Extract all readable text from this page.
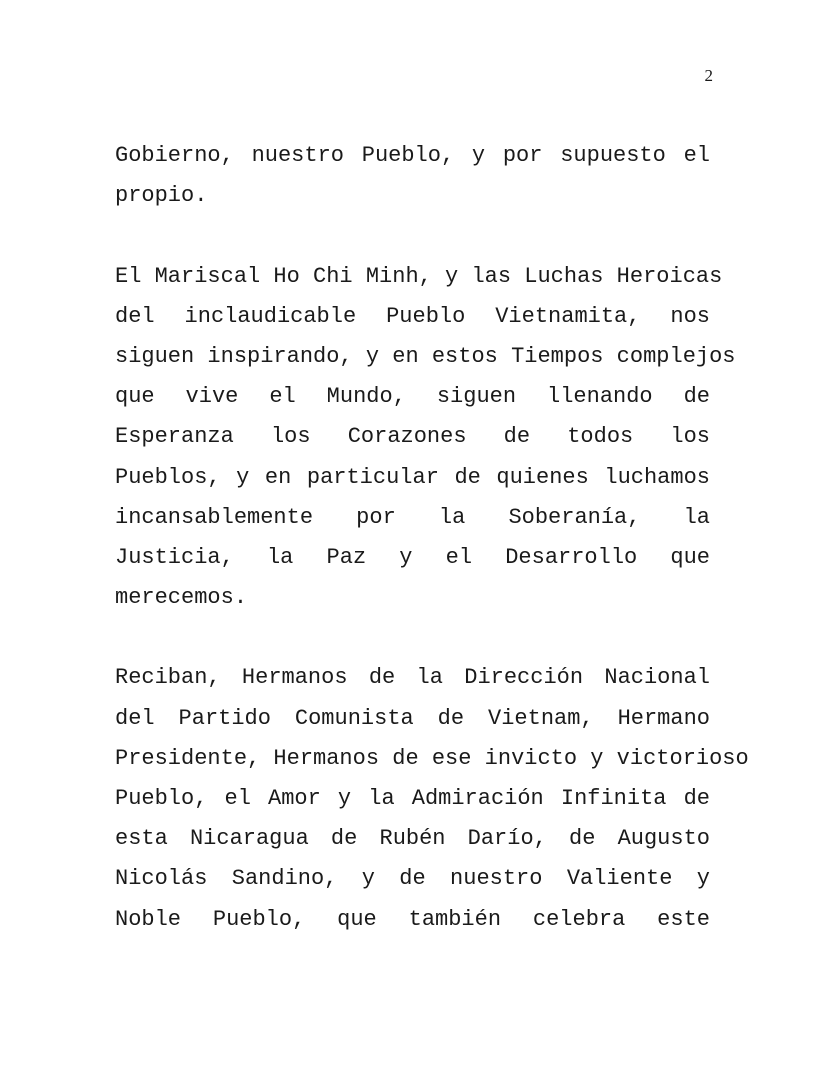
2
Gobierno, nuestro Pueblo, y por supuesto el
propio.
El Mariscal Ho Chi Minh, y las Luchas Heroicas
del inclaudicable Pueblo Vietnamita, nos
siguen inspirando, y en estos Tiempos complejos
que vive el Mundo, siguen llenando de
Esperanza los Corazones de todos los
Pueblos, y en particular de quienes luchamos
incansablemente por la Soberanía, la
Justicia, la Paz y el Desarrollo que
merecemos.
Reciban, Hermanos de la Dirección Nacional
del Partido Comunista de Vietnam, Hermano
Presidente, Hermanos de ese invicto y victorioso
Pueblo, el Amor y la Admiración Infinita de
esta Nicaragua de Rubén Darío, de Augusto
Nicolás Sandino, y de nuestro Valiente y
Noble Pueblo, que también celebra este
